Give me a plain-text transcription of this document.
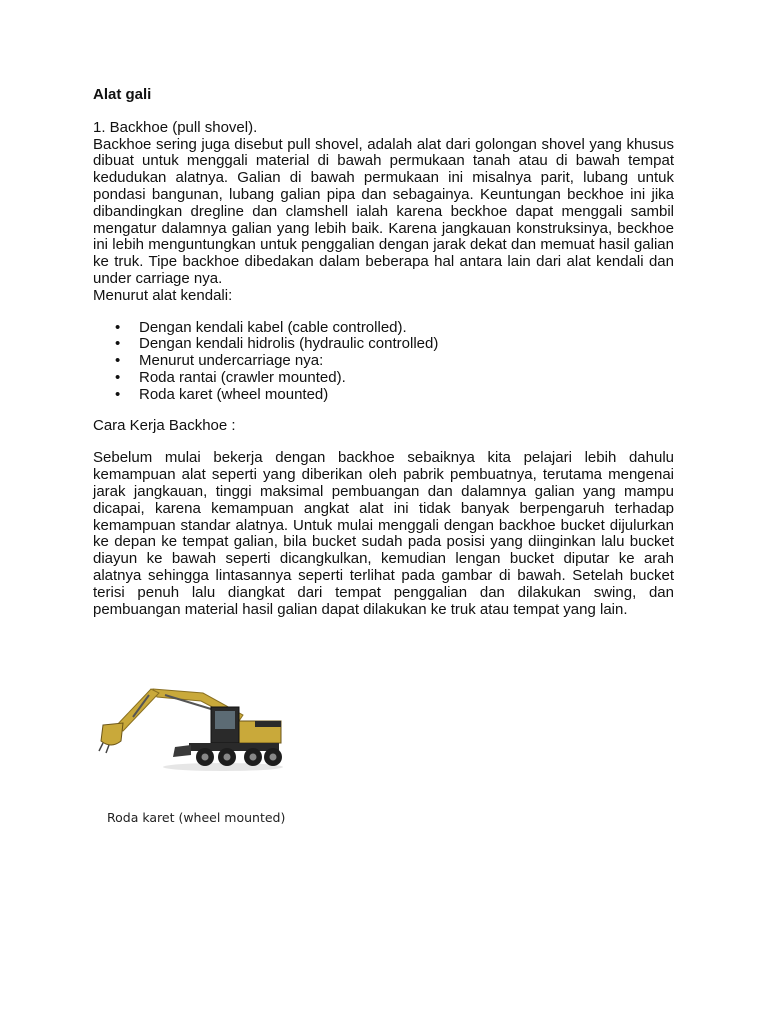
Alat gali

1. Backhoe (pull shovel).

Backhoe sering juga disebut pull shovel, adalah alat dari golongan shovel yang khusus dibuat untuk menggali material di bawah permukaan tanah atau di bawah tempat kedudukan alatnya. Galian di bawah permukaan ini misalnya parit, lubang untuk pondasi bangunan, lubang galian pipa dan sebagainya. Keuntungan beckhoe ini jika dibandingkan dregline dan clamshell ialah karena beckhoe dapat menggali sambil mengatur dalamnya galian yang lebih baik. Karena jangkauan konstruksinya, beckhoe ini lebih menguntungkan untuk penggalian dengan jarak dekat dan memuat hasil galian ke truk. Tipe backhoe dibedakan dalam beberapa hal antara lain dari alat kendali dan under carriage nya.

Menurut alat kendali:

• Dengan kendali kabel (cable controlled).
• Dengan kendali hidrolis (hydraulic controlled)
• Menurut undercarriage nya:
• Roda rantai (crawler mounted).
• Roda karet (wheel mounted)

Cara Kerja Backhoe :

Sebelum mulai bekerja dengan backhoe sebaiknya kita pelajari lebih dahulu kemampuan alat seperti yang diberikan oleh pabrik pembuatnya, terutama mengenai jarak jangkauan, tinggi maksimal pembuangan dan dalamnya galian yang mampu dicapai, karena kemampuan angkat alat ini tidak banyak berpengaruh terhadap kemampuan standar alatnya. Untuk mulai menggali dengan backhoe bucket dijulurkan ke depan ke tempat galian, bila bucket sudah pada posisi yang diinginkan lalu bucket diayun ke bawah seperti dicangkulkan, kemudian lengan bucket diputar ke arah alatnya sehingga lintasannya seperti terlihat pada gambar di bawah. Setelah bucket terisi penuh lalu diangkat dari tempat penggalian dan dilakukan swing, dan pembuangan material hasil galian dapat dilakukan ke truk atau tempat yang lain.

Roda karet (wheel mounted)
